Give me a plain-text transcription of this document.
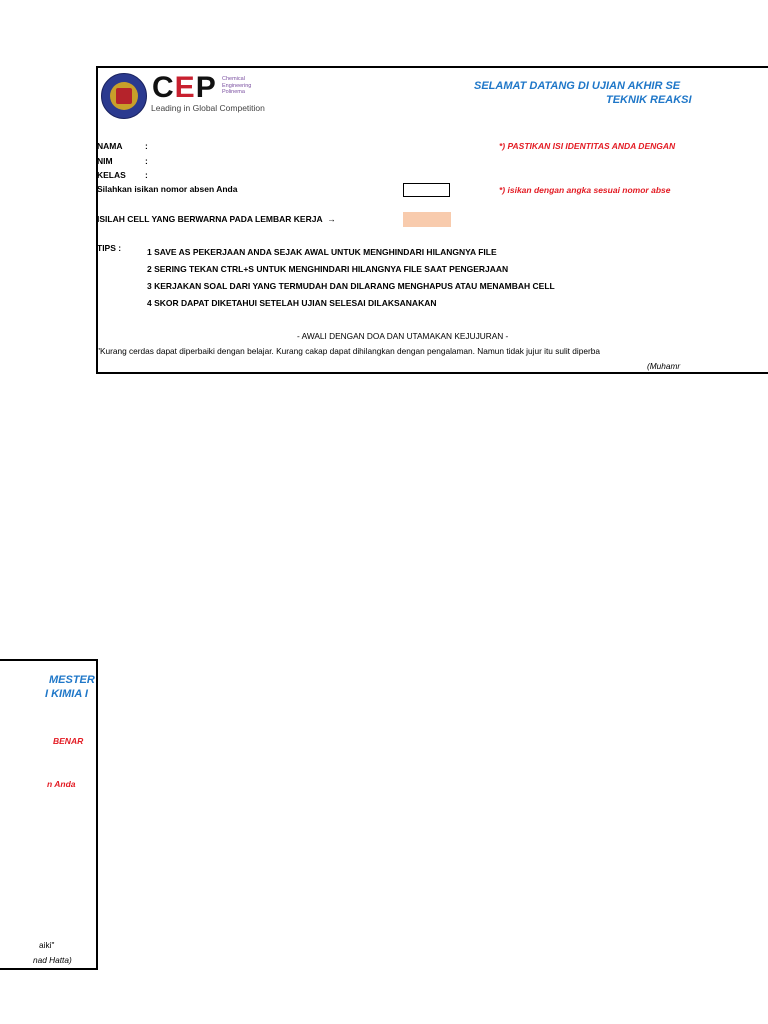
CEP Chemical
Engineering
Polinema
Leading in Global Competition
SELAMAT DATANG DI UJIAN AKHIR SE
TEKNIK REAKSI
NAMA	:
NIM	:
KELAS :
Silahkan isikan nomor absen Anda
*) PASTIKAN ISI IDENTITAS ANDA DENGAN
*) isikan dengan angka sesuai nomor abse
ISILAH CELL YANG BERWARNA PADA LEMBAR KERJA →
TIPS :	1 SAVE AS PEKERJAAN ANDA SEJAK AWAL UNTUK MENGHINDARI HILANGNYA FILE
2 SERING TEKAN CTRL+S UNTUK MENGHINDARI HILANGNYA FILE SAAT PENGERJAAN
3 KERJAKAN SOAL DARI YANG TERMUDAH DAN DILARANG MENGHAPUS ATAU MENAMBAH CELL
4 SKOR DAPAT DIKETAHUI SETELAH UJIAN SELESAI DILAKSANAKAN
- AWALI DENGAN DOA DAN UTAMAKAN KEJUJURAN -
"Kurang cerdas dapat diperbaiki dengan belajar. Kurang cakap dapat dihilangkan dengan pengalaman. Namun tidak jujur itu sulit diperba
(Muhamr
MESTER
I KIMIA I
BENAR
n Anda
aiki"
nad Hatta)
